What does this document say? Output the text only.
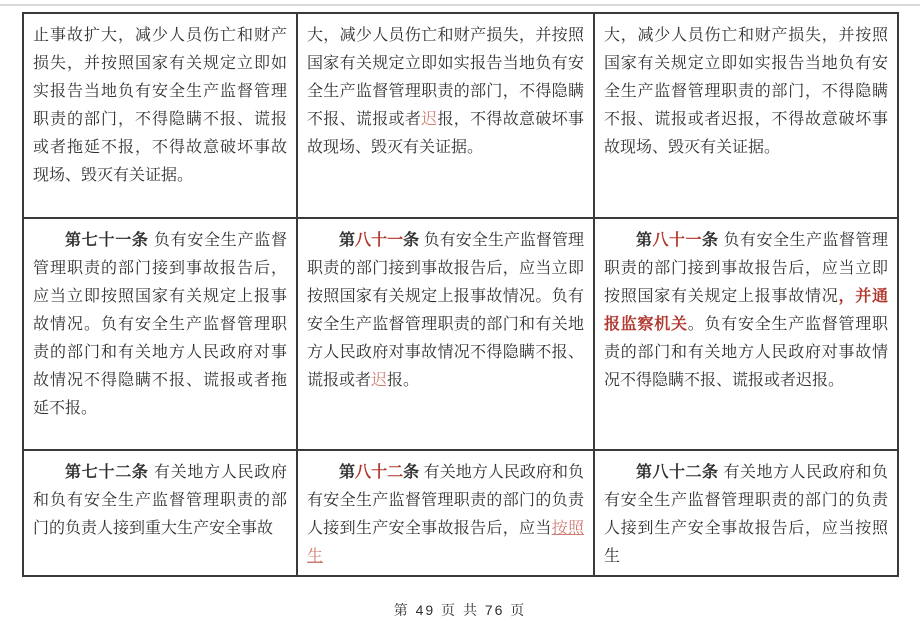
止事故扩大，减少人员伤亡和财产损失，并按照国家有关规定立即如实报告当地负有安全生产监督管理职责的部门，不得隐瞒不报、谎报或者拖延不报，不得故意破坏事故现场、毁灭有关证据。	大，减少人员伤亡和财产损失，并按照国家有关规定立即如实报告当地负有安全生产监督管理职责的部门，不得隐瞒不报、谎报或者迟报，不得故意破坏事故现场、毁灭有关证据。	大，减少人员伤亡和财产损失，并按照国家有关规定立即如实报告当地负有安全生产监督管理职责的部门，不得隐瞒不报、谎报或者迟报，不得故意破坏事故现场、毁灭有关证据。

第七十一条 负有安全生产监督管理职责的部门接到事故报告后，应当立即按照国家有关规定上报事故情况。负有安全生产监督管理职责的部门和有关地方人民政府对事故情况不得隐瞒不报、谎报或者拖延不报。	第八十一条 负有安全生产监督管理职责的部门接到事故报告后，应当立即按照国家有关规定上报事故情况。负有安全生产监督管理职责的部门和有关地方人民政府对事故情况不得隐瞒不报、谎报或者迟报。	第八十一条 负有安全生产监督管理职责的部门接到事故报告后，应当立即按照国家有关规定上报事故情况，并通报监察机关。负有安全生产监督管理职责的部门和有关地方人民政府对事故情况不得隐瞒不报、谎报或者迟报。

第七十二条 有关地方人民政府和负有安全生产监督管理职责的部门的负责人接到重大生产安全事故	第八十二条 有关地方人民政府和负有安全生产监督管理职责的部门的负责人接到生产安全事故报告后，应当按照生	第八十二条 有关地方人民政府和负有安全生产监督管理职责的部门的负责人接到生产安全事故报告后，应当按照生

第 49 页 共 76 页
